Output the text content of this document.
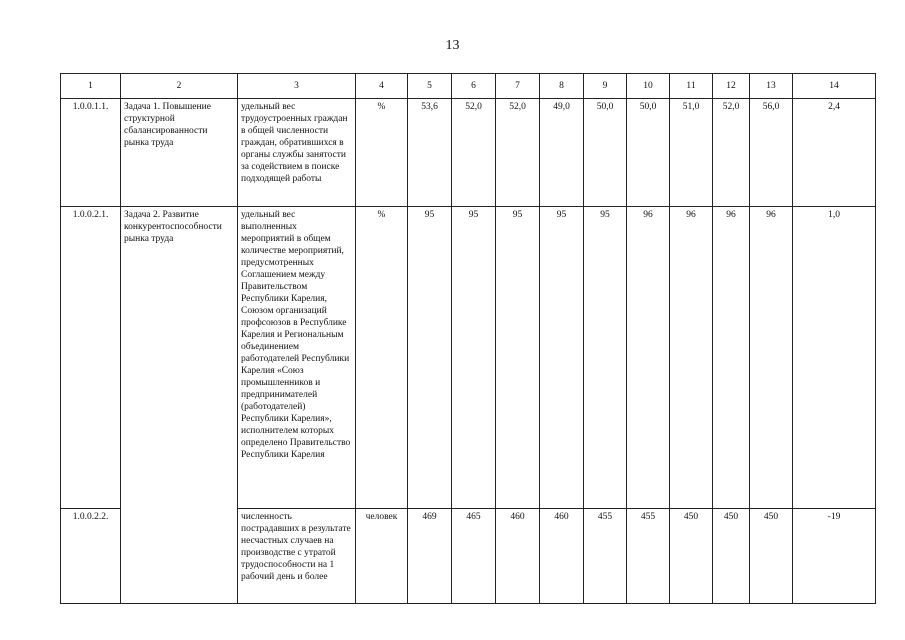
13
1	2	3	4	5	6	7	8	9	10	11	12	13	14
1.0.0.1.1.	Задача 1. Повышение структурной сбалансированности рынка труда	удельный вес трудоустроенных граждан в общей численности граждан, обратившихся в органы службы занятости за содействием в поиске подходящей работы	%	53,6	52,0	52,0	49,0	50,0	50,0	51,0	52,0	56,0	2,4
1.0.0.2.1.	Задача 2. Развитие конкурентоспособности рынка труда	удельный вес выполненных мероприятий в общем количестве мероприятий, предусмотренных Соглашением между Правительством Республики Карелия, Союзом организаций профсоюзов в Республике Карелия и Региональным объединением работодателей Республики Карелия «Союз промышленников и предпринимателей (работодателей) Республики Карелия», исполнителем которых определено Правительство Республики Карелия	%	95	95	95	95	95	96	96	96	96	1,0
1.0.0.2.2.		численность пострадавших в результате несчастных случаев на производстве с утратой трудоспособности на 1 рабочий день и более	человек	469	465	460	460	455	455	450	450	450	-19
